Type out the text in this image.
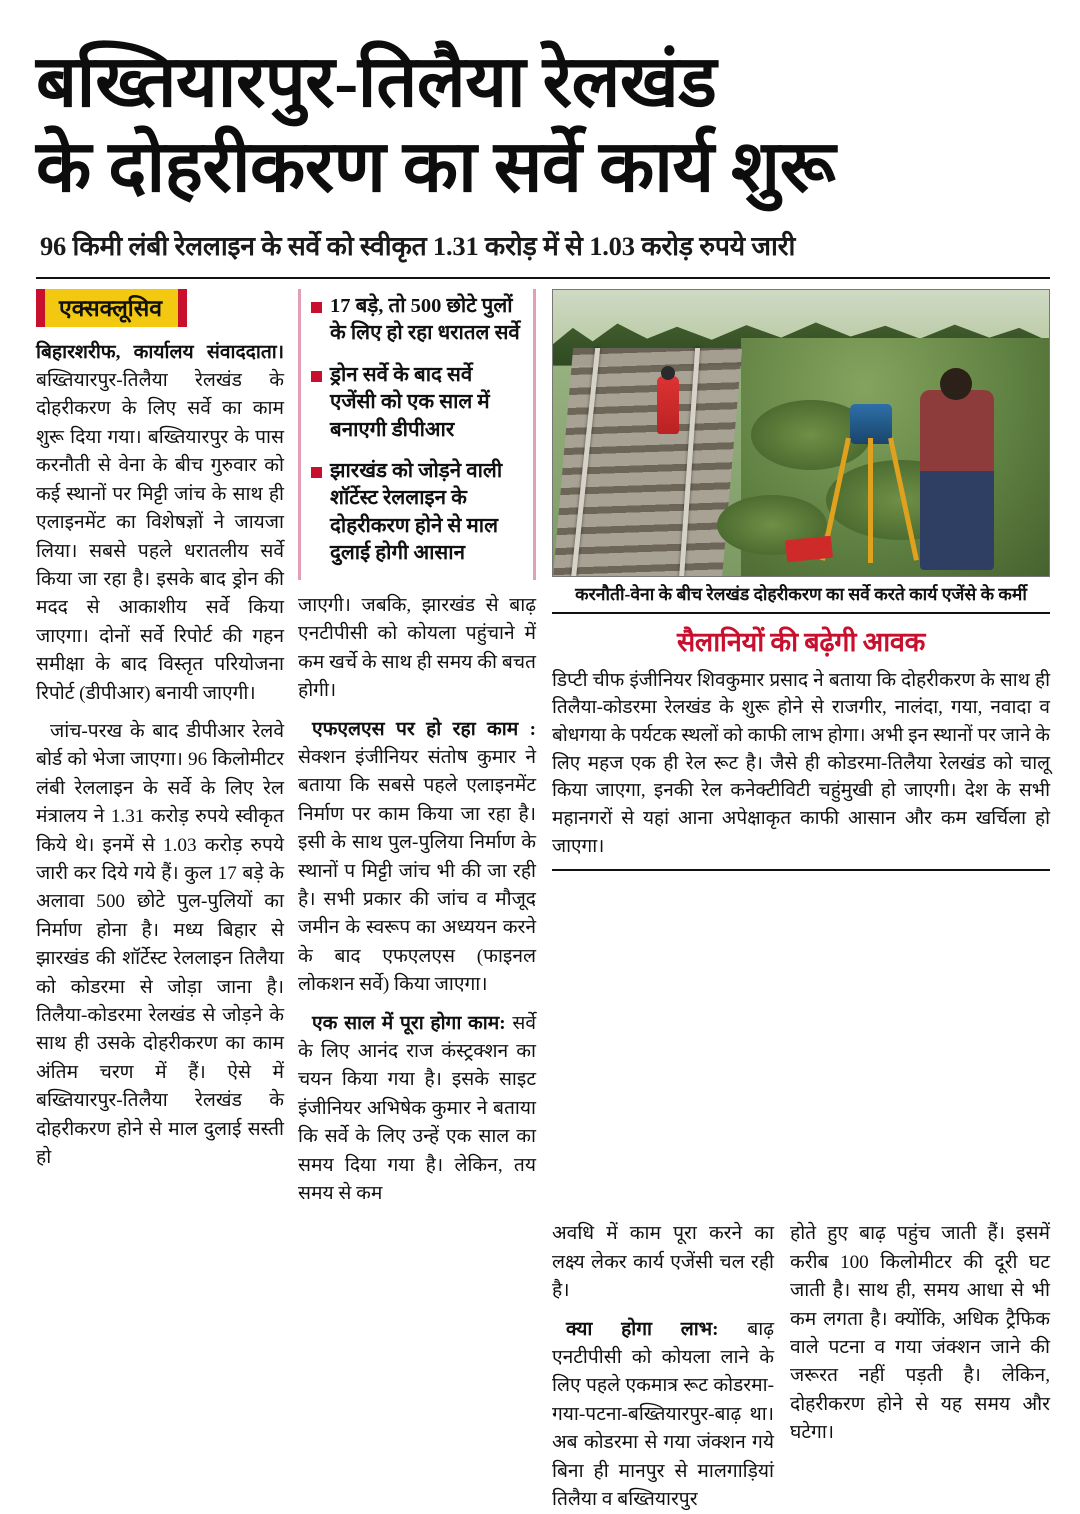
बख्तियारपुर-तिलैया रेलखंड
के दोहरीकरण का सर्वे कार्य शुरू
96 किमी लंबी रेललाइन के सर्वे को स्वीकृत 1.31 करोड़ में से 1.03 करोड़ रुपये जारी
एक्सक्लूसिव

बिहारशरीफ, कार्यालय संवाददाता। बख्तियारपुर-तिलैया रेलखंड के दोहरीकरण के लिए सर्वे का काम शुरू दिया गया। बख्तियारपुर के पास करनौती से वेना के बीच गुरुवार को कई स्थानों पर मिट्टी जांच के साथ ही एलाइनमेंट का विशेषज्ञों ने जायजा लिया। सबसे पहले धरातलीय सर्वे किया जा रहा है। इसके बाद ड्रोन की मदद से आकाशीय सर्वे किया जाएगा। दोनों सर्वे रिपोर्ट की गहन समीक्षा के बाद विस्तृत परियोजना रिपोर्ट (डीपीआर) बनायी जाएगी।

जांच-परख के बाद डीपीआर रेलवे बोर्ड को भेजा जाएगा। 96 किलोमीटर लंबी रेललाइन के सर्वे के लिए रेल मंत्रालय ने 1.31 करोड़ रुपये स्वीकृत किये थे। इनमें से 1.03 करोड़ रुपये जारी कर दिये गये हैं। कुल 17 बड़े के अलावा 500 छोटे पुल-पुलियों का निर्माण होना है। मध्य बिहार से झारखंड की शॉर्टेस्ट रेललाइन तिलैया को कोडरमा से जोड़ा जाना है। तिलैया-कोडरमा रेलखंड से जोड़ने के साथ ही उसके दोहरीकरण का काम अंतिम चरण में हैं। ऐसे में बख्तियारपुर-तिलैया रेलखंड के दोहरीकरण होने से माल दुलाई सस्ती हो

17 बड़े, तो 500 छोटे पुलों के लिए हो रहा धरातल सर्वे
ड्रोन सर्वे के बाद सर्वे एजेंसी को एक साल में बनाएगी डीपीआर
झारखंड को जोड़ने वाली शॉर्टेस्ट रेललाइन के दोहरीकरण होने से माल दुलाई होगी आसान

जाएगी। जबकि, झारखंड से बाढ़ एनटीपीसी को कोयला पहुंचाने में कम खर्चे के साथ ही समय की बचत होगी।

एफएलएस पर हो रहा काम : सेक्शन इंजीनियर संतोष कुमार ने बताया कि सबसे पहले एलाइनमेंट निर्माण पर काम किया जा रहा है। इसी के साथ पुल-पुलिया निर्माण के स्थानों प मिट्टी जांच भी की जा रही है। सभी प्रकार की जांच व मौजूद जमीन के स्वरूप का अध्ययन करने के बाद एफएलएस (फाइनल लोकशन सर्वे) किया जाएगा।

एक साल में पूरा होगा काम: सर्वे के लिए आनंद राज कंस्ट्रक्शन का चयन किया गया है। इसके साइट इंजीनियर अभिषेक कुमार ने बताया कि सर्वे के लिए उन्हें एक साल का समय दिया गया है। लेकिन, तय समय से कम

करनौती-वेना के बीच रेलखंड दोहरीकरण का सर्वे करते कार्य एजेंसे के कर्मी
सैलानियों की बढ़ेगी आवक
डिप्टी चीफ इंजीनियर शिवकुमार प्रसाद ने बताया कि दोहरीकरण के साथ ही तिलैया-कोडरमा रेलखंड के शुरू होने से राजगीर, नालंदा, गया, नवादा व बोधगया के पर्यटक स्थलों को काफी लाभ होगा। अभी इन स्थानों पर जाने के लिए महज एक ही रेल रूट है। जैसे ही कोडरमा-तिलैया रेलखंड को चालू किया जाएगा, इनकी रेल कनेक्टीविटी चहुंमुखी हो जाएगी। देश के सभी महानगरों से यहां आना अपेक्षाकृत काफी आसान और कम खर्चिला हो जाएगा।

अवधि में काम पूरा करने का लक्ष्य लेकर कार्य एजेंसी चल रही है।

क्या होगा लाभ: बाढ़ एनटीपीसी को कोयला लाने के लिए पहले एकमात्र रूट कोडरमा-गया-पटना-बख्तियारपुर-बाढ़ था। अब कोडरमा से गया जंक्शन गये बिना ही मानपुर से मालगाड़ियां तिलैया व बख्तियारपुर

होते हुए बाढ़ पहुंच जाती हैं। इसमें करीब 100 किलोमीटर की दूरी घट जाती है। साथ ही, समय आधा से भी कम लगता है। क्योंकि, अधिक ट्रैफिक वाले पटना व गया जंक्शन जाने की जरूरत नहीं पड़ती है। लेकिन, दोहरीकरण होने से यह समय और घटेगा।
